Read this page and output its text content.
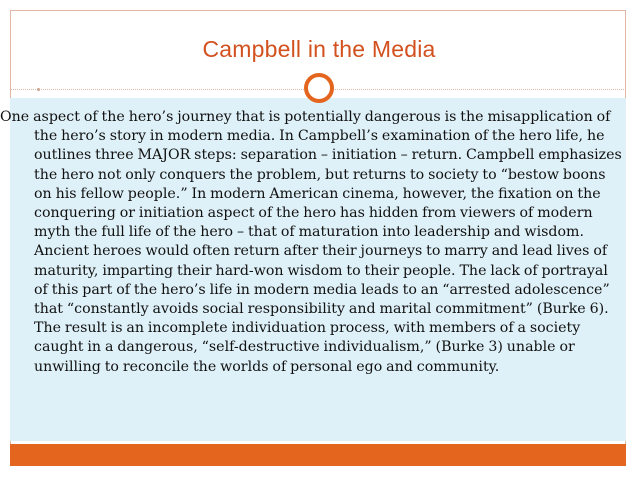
Campbell in the Media

One aspect of the hero’s journey that is potentially dangerous is the misapplication of the hero’s story in modern media. In Campbell’s examination of the hero life, he outlines three MAJOR steps: separation – initiation – return. Campbell emphasizes the hero not only conquers the problem, but returns to society to “bestow boons on his fellow people.” In modern American cinema, however, the fixation on the conquering or initiation aspect of the hero has hidden from viewers of modern myth the full life of the hero – that of maturation into leadership and wisdom. Ancient heroes would often return after their journeys to marry and lead lives of maturity, imparting their hard-won wisdom to their people. The lack of portrayal of this part of the hero’s life in modern media leads to an “arrested adolescence” that “constantly avoids social responsibility and marital commitment” (Burke 6). The result is an incomplete individuation process, with members of a society caught in a dangerous, “self-destructive individualism,” (Burke 3) unable or unwilling to reconcile the worlds of personal ego and community.
